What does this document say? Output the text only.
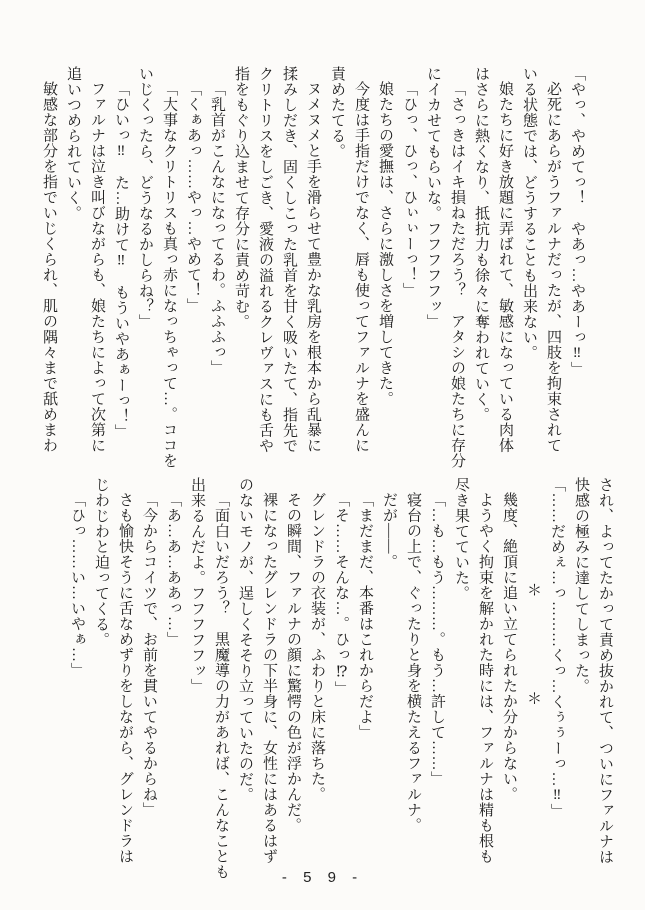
「やっ、やめてっ！　やあっ…やあーっ‼」

必死にあらがうファルナだったが、四肢を拘束されて

いる状態では、どうすることも出来ない。

娘たちに好き放題に弄ばれて、敏感になっている肉体

はさらに熱くなり、抵抗力も徐々に奪われていく。

「さっきはイキ損ねただろう？　アタシの娘たちに存分

にイカせてもらいな。フフフフフッ」

「ひっ、ひっ、ひぃぃーっ！」

娘たちの愛撫は、さらに激しさを増してきた。

今度は手指だけでなく、唇も使ってファルナを盛んに

責めたてる。

ヌメヌメと手を滑らせて豊かな乳房を根本から乱暴に

揉みしだき、固くしこった乳首を甘く吸いたて、指先で

クリトリスをしごき、愛液の溢れるクレヴァスにも舌や

指をもぐり込ませて存分に責め苛む。

「乳首がこんなになってるわ。ふふふっ」

「くぁあっ……やっ…やめて！」

「大事なクリトリスも真っ赤になっちゃって…。ココを

いじくったら、どうなるかしらね？」

「ひいっ‼　た…助けて‼　もういやあぁーっ！」

ファルナは泣き叫びながらも、娘たちによって次第に

追いつめられていく。

敏感な部分を指でいじくられ、肌の隅々まで舐めまわ

され、よってたかって責め抜かれて、ついにファルナは

快感の極みに達してしまった。

「……だめぇ…っ………くっ…くぅぅーっ…‼」

＊　　　　　　＊

幾度、絶頂に追い立てられたか分からない。

ようやく拘束を解かれた時には、ファルナは精も根も

尽き果てていた。

「…も…もう………。もう…許して……」

寝台の上で、ぐったりと身を横たえるファルナ。

だが――。

「まだまだ、本番はこれからだよ」

「そ……そんな…。ひっ⁉」

グレンドラの衣装が、ふわりと床に落ちた。

その瞬間、ファルナの顔に驚愕の色が浮かんだ。

裸になったグレンドラの下半身に、女性にはあるはず

のないモノが、逞しくそそり立っていたのだ。

「面白いだろう？　黒魔導の力があれば、こんなことも

出来るんだよ。フフフフフッ」

「あ…あ…ああっ…」

「今からコイツで、お前を貫いてやるからね」

さも愉快そうに舌なめずりをしながら、グレンドラは

じわじわと迫ってくる。

「ひっ……い…いやぁ…」

- 5 9 -
